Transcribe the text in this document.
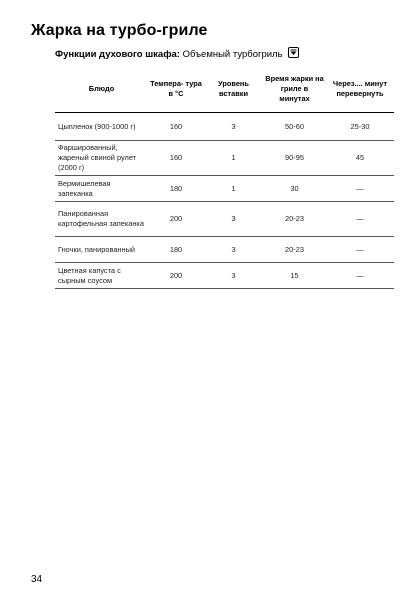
Жарка на турбо-гриле
Функции духового шкафа: Объемный турбогриль
Блюдо	Темпера- тура в °С	Уровень вставки	Время жарки на гриле в минутах	Через.... минут перевернуть
Цыпленок (900-1000 г)	160	3	50-60	25-30
Фаршированный, жареный свиной рулет (2000 г)	160	1	90-95	45
Вермишелевая запеканка	180	1	30	—
Панированная картофельная запеканка	200	3	20-23	—
Гночки, панированный	180	3	20-23	—
Цветная капуста с сырным соусом	200	3	15	—
34
